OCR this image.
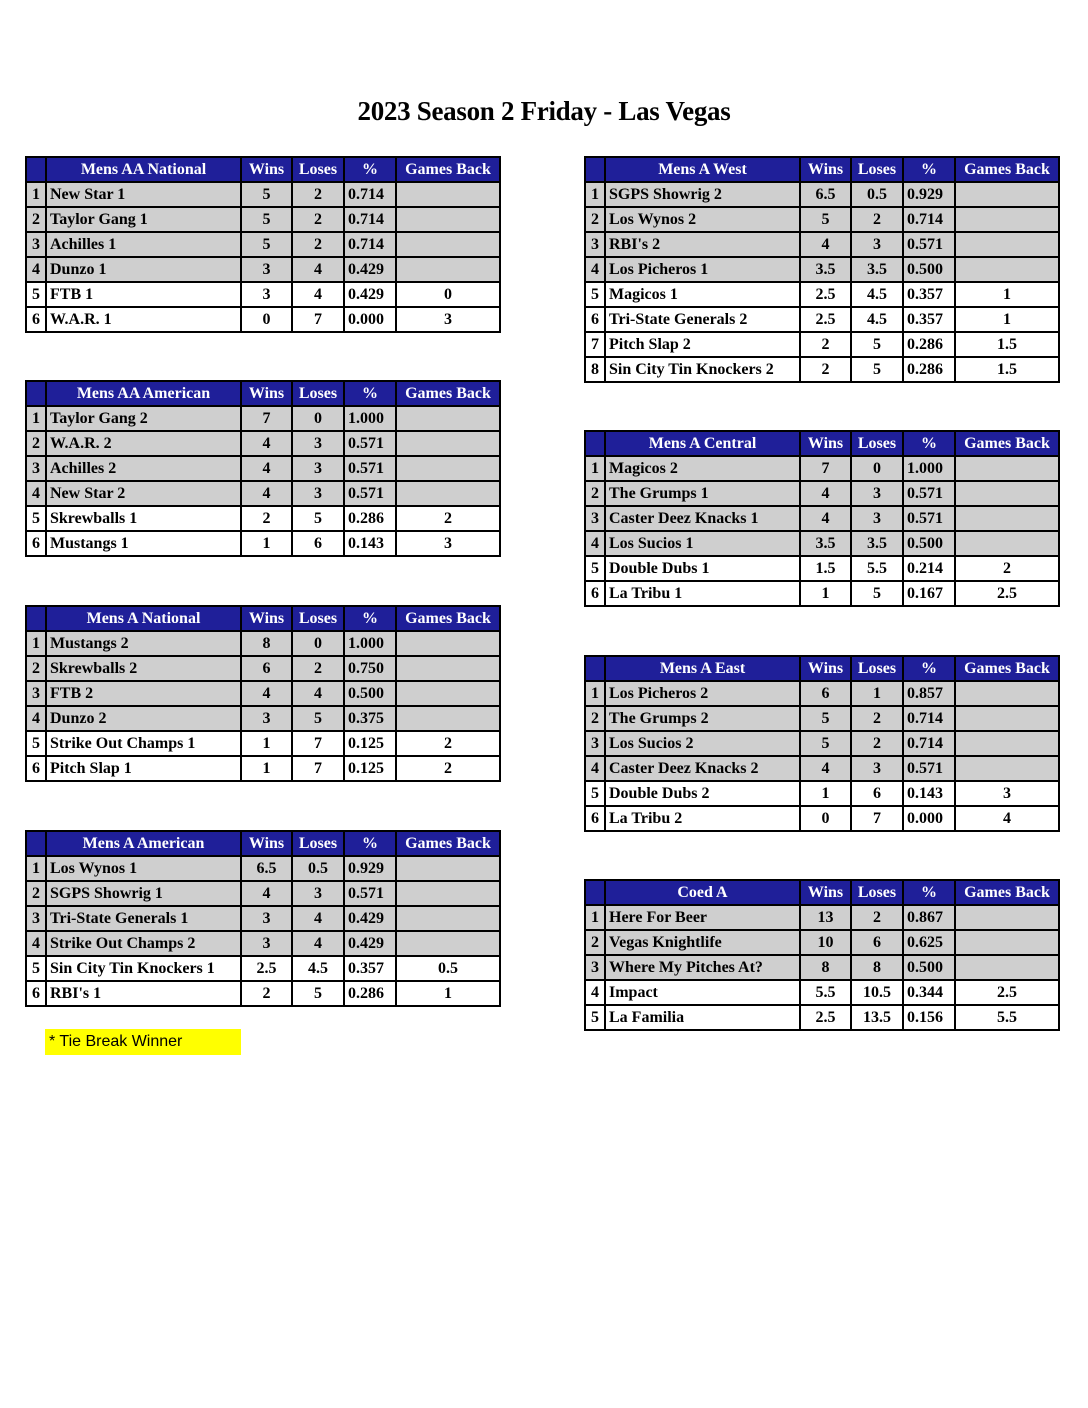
2023 Season 2 Friday - Las Vegas
	Mens AA National	Wins	Loses	%	Games Back
1	New Star 1	5	2	0.714	
2	Taylor Gang 1	5	2	0.714	
3	Achilles 1	5	2	0.714	
4	Dunzo 1	3	4	0.429	
5	FTB 1	3	4	0.429	0
6	W.A.R. 1	0	7	0.000	3
	Mens AA American	Wins	Loses	%	Games Back
1	Taylor Gang 2	7	0	1.000	
2	W.A.R. 2	4	3	0.571	
3	Achilles 2	4	3	0.571	
4	New Star 2	4	3	0.571	
5	Skrewballs 1	2	5	0.286	2
6	Mustangs 1	1	6	0.143	3
	Mens A National	Wins	Loses	%	Games Back
1	Mustangs 2	8	0	1.000	
2	Skrewballs 2	6	2	0.750	
3	FTB 2	4	4	0.500	
4	Dunzo 2	3	5	0.375	
5	Strike Out Champs 1	1	7	0.125	2
6	Pitch Slap 1	1	7	0.125	2
	Mens A American	Wins	Loses	%	Games Back
1	Los Wynos 1	6.5	0.5	0.929	
2	SGPS Showrig 1	4	3	0.571	
3	Tri-State Generals 1	3	4	0.429	
4	Strike Out Champs 2	3	4	0.429	
5	Sin City Tin Knockers 1	2.5	4.5	0.357	0.5
6	RBI's 1	2	5	0.286	1
	Mens A West	Wins	Loses	%	Games Back
1	SGPS Showrig 2	6.5	0.5	0.929	
2	Los Wynos 2	5	2	0.714	
3	RBI's 2	4	3	0.571	
4	Los Picheros 1	3.5	3.5	0.500	
5	Magicos 1	2.5	4.5	0.357	1
6	Tri-State Generals 2	2.5	4.5	0.357	1
7	Pitch Slap 2	2	5	0.286	1.5
8	Sin City Tin Knockers 2	2	5	0.286	1.5
	Mens A Central	Wins	Loses	%	Games Back
1	Magicos 2	7	0	1.000	
2	The Grumps 1	4	3	0.571	
3	Caster Deez Knacks 1	4	3	0.571	
4	Los Sucios 1	3.5	3.5	0.500	
5	Double Dubs 1	1.5	5.5	0.214	2
6	La Tribu 1	1	5	0.167	2.5
	Mens A East	Wins	Loses	%	Games Back
1	Los Picheros 2	6	1	0.857	
2	The Grumps 2	5	2	0.714	
3	Los Sucios 2	5	2	0.714	
4	Caster Deez Knacks 2	4	3	0.571	
5	Double Dubs 2	1	6	0.143	3
6	La Tribu 2	0	7	0.000	4
	Coed A	Wins	Loses	%	Games Back
1	Here For Beer	13	2	0.867	
2	Vegas Knightlife	10	6	0.625	
3	Where My Pitches At?	8	8	0.500	
4	Impact	5.5	10.5	0.344	2.5
5	La Familia	2.5	13.5	0.156	5.5
* Tie Break Winner
